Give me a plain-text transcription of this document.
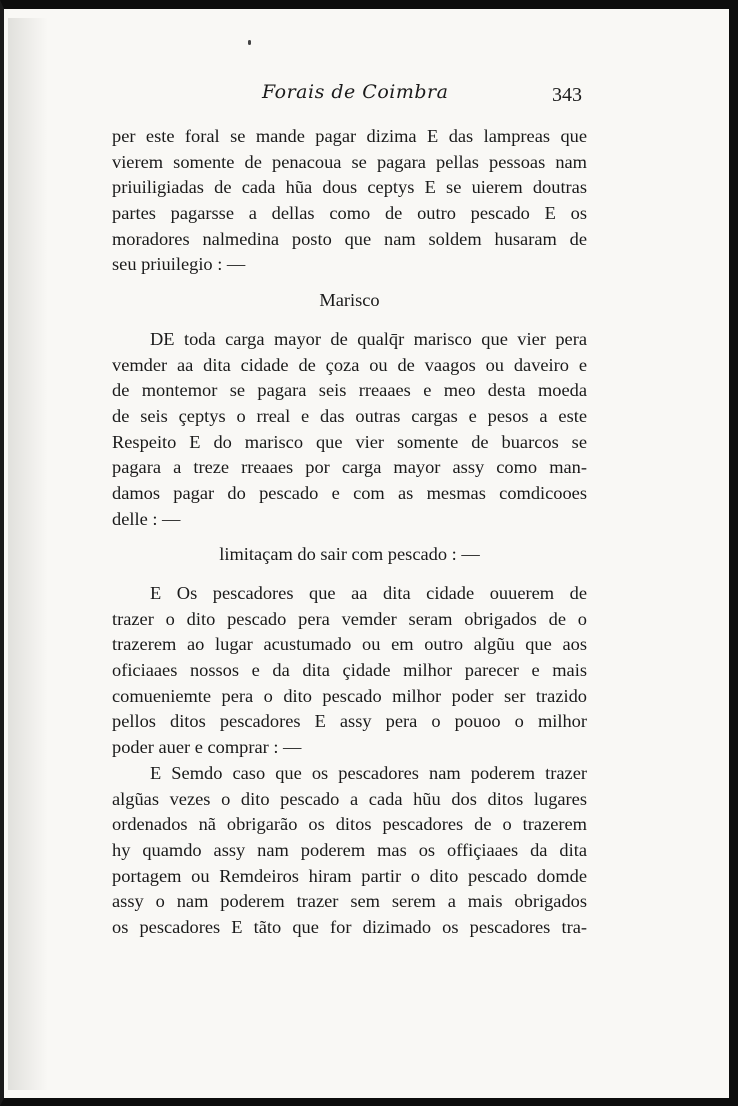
Forais de Coimbra	343
per este foral se mande pagar dizima E das lampreas que
vierem somente de penacoua se pagara pellas pessoas nam
priuiligiadas de cada hũa dous ceptys E se uierem doutras
partes pagarsse a dellas como de outro pescado E os
moradores nalmedina posto que nam soldem husaram de
seu priuilegio : —
Marisco
DE toda carga mayor de qualq̄r marisco que vier pera
vemder aa dita cidade de çoza ou de vaagos ou daveiro e
de montemor se pagara seis rreaaes e meo desta moeda
de seis çeptys o rreal e das outras cargas e pesos a este
Respeito E do marisco que vier somente de buarcos se
pagara a treze rreaaes por carga mayor assy como man-
damos pagar do pescado e com as mesmas comdicooes
delle : —
limitaçam do sair com pescado : —
E Os pescadores que aa dita cidade ouuerem de
trazer o dito pescado pera vemder seram obrigados de o
trazerem ao lugar acustumado ou em outro algũu que aos
oficiaaes nossos e da dita çidade milhor parecer e mais
comueniemte pera o dito pescado milhor poder ser trazido
pellos ditos pescadores E assy pera o pouoo o milhor
poder auer e comprar : —
E Semdo caso que os pescadores nam poderem trazer
algũas vezes o dito pescado a cada hũu dos ditos lugares
ordenados nã obrigarão os ditos pescadores de o trazerem
hy quamdo assy nam poderem mas os offiçiaaes da dita
portagem ou Remdeiros hiram partir o dito pescado domde
assy o nam poderem trazer sem serem a mais obrigados
os pescadores E tãto que for dizimado os pescadores tra-
